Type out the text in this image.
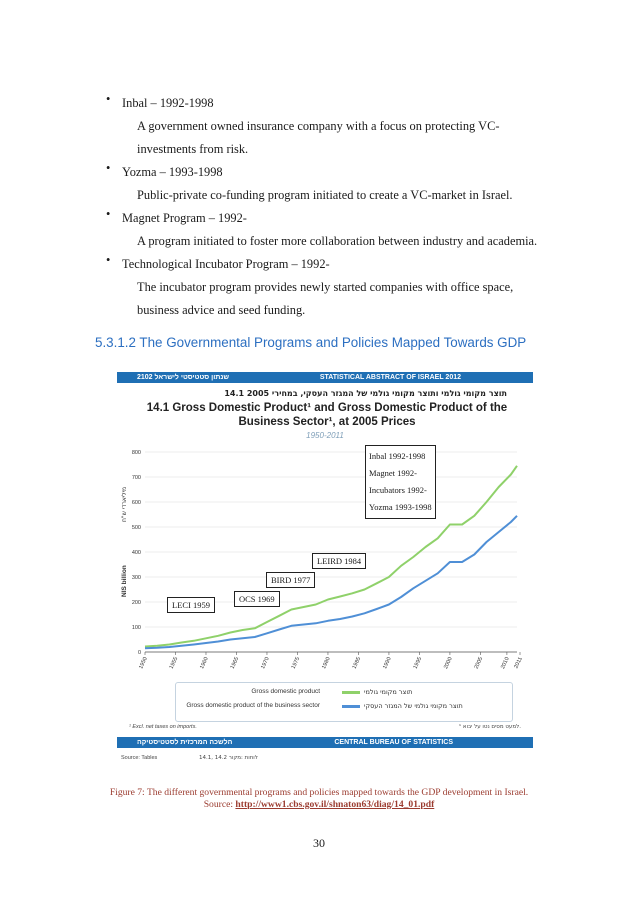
• Inbal – 1992-1998
A government owned insurance company with a focus on protecting VC-
investments from risk.
• Yozma – 1993-1998
Public-private co-funding program initiated to create a VC-market in Israel.
• Magnet Program – 1992-
A program initiated to foster more collaboration between industry and academia.
• Technological Incubator Program – 1992-
The incubator program provides newly started companies with office space,
business advice and seed funding.
5.3.1.2 The Governmental Programs and Policies Mapped Towards GDP
0
100
200
300
400
500
600
700
800
1950	1955	1960	1965	1970	1975	1980	1985	1990	1995	2000	2005	2010 2011
NIS billion
מיליארדי ש"ח
שנתון סטטיסטי לישראל 2012	STATISTICAL ABSTRACT OF ISRAEL 2012
14.1 תוצר מקומי גולמי ותוצר מקומי גולמי של המגזר העסקי, במחירי 2005
14.1 Gross Domestic Product¹ and Gross Domestic Product of the Business Sector¹, at 2005 Prices
1950-2011
Gross domestic product	תוצר מקומי גולמי
Gross domestic product of the business sector	תוצר מקומי גולמי של המגזר העסקי
¹ Excl. net taxes on imports.	¹ למעט מסים נטו על יבוא.
הלשכה המרכזית לסטטיסטיקה	CENTRAL BUREAU OF STATISTICS
Source: Tables	14.1, 14.2 לוחות :מקור
LECI 1959
OCS 1969
BIRD 1977
LEIRD 1984
Inbal 1992-1998
Magnet 1992-
Incubators 1992-
Yozma 1993-1998
Figure 7: The different governmental programs and policies mapped towards the GDP development in Israel.
Source: http://www1.cbs.gov.il/shnaton63/diag/14_01.pdf
30
